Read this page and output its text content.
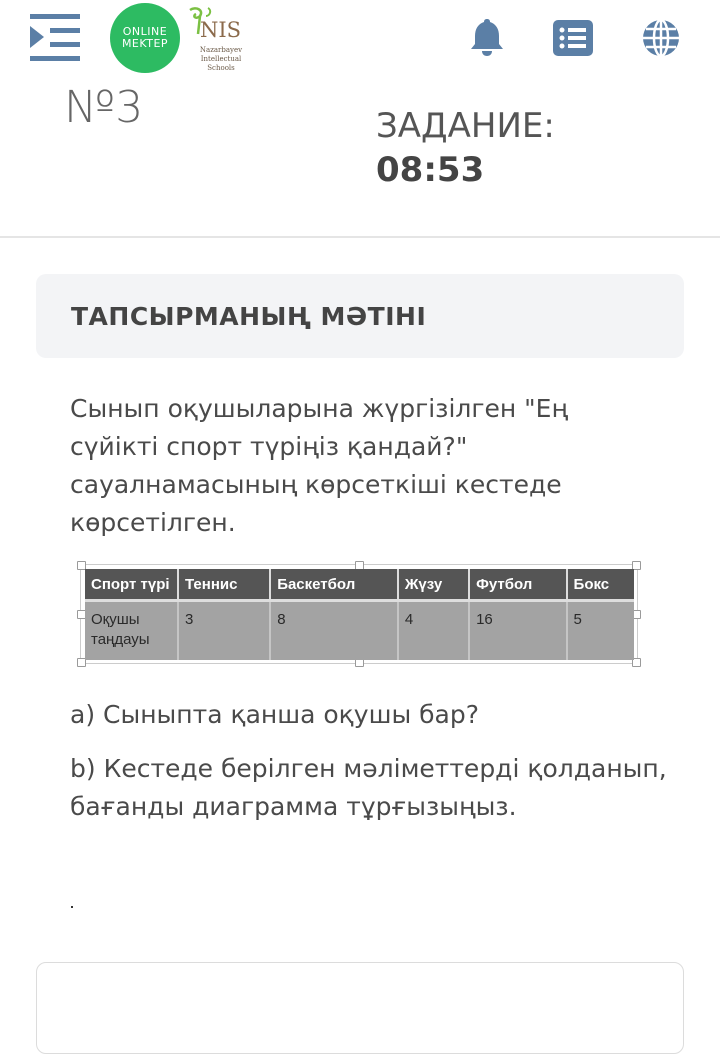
ONLINE
MEKTEP
NIS
Nazarbayev Intellectual Schools
№3	ЗАДАНИЕ:
08:53
ТАПСЫРМАНЫҢ МӘТІНІ
Сынып оқушыларына жүргізілген "Ең сүйікті спорт түріңіз қандай?" сауалнамасының көрсеткіші кестеде көрсетілген.
Спорт түрі	Теннис	Баскетбол	Жүзу	Футбол	Бокс
Оқушы таңдауы	3	8	4	16	5
a) Сыныпта қанша оқушы бар?
b) Кестеде берілген мәліметтерді қолданып, бағанды диаграмма тұрғызыңыз.
